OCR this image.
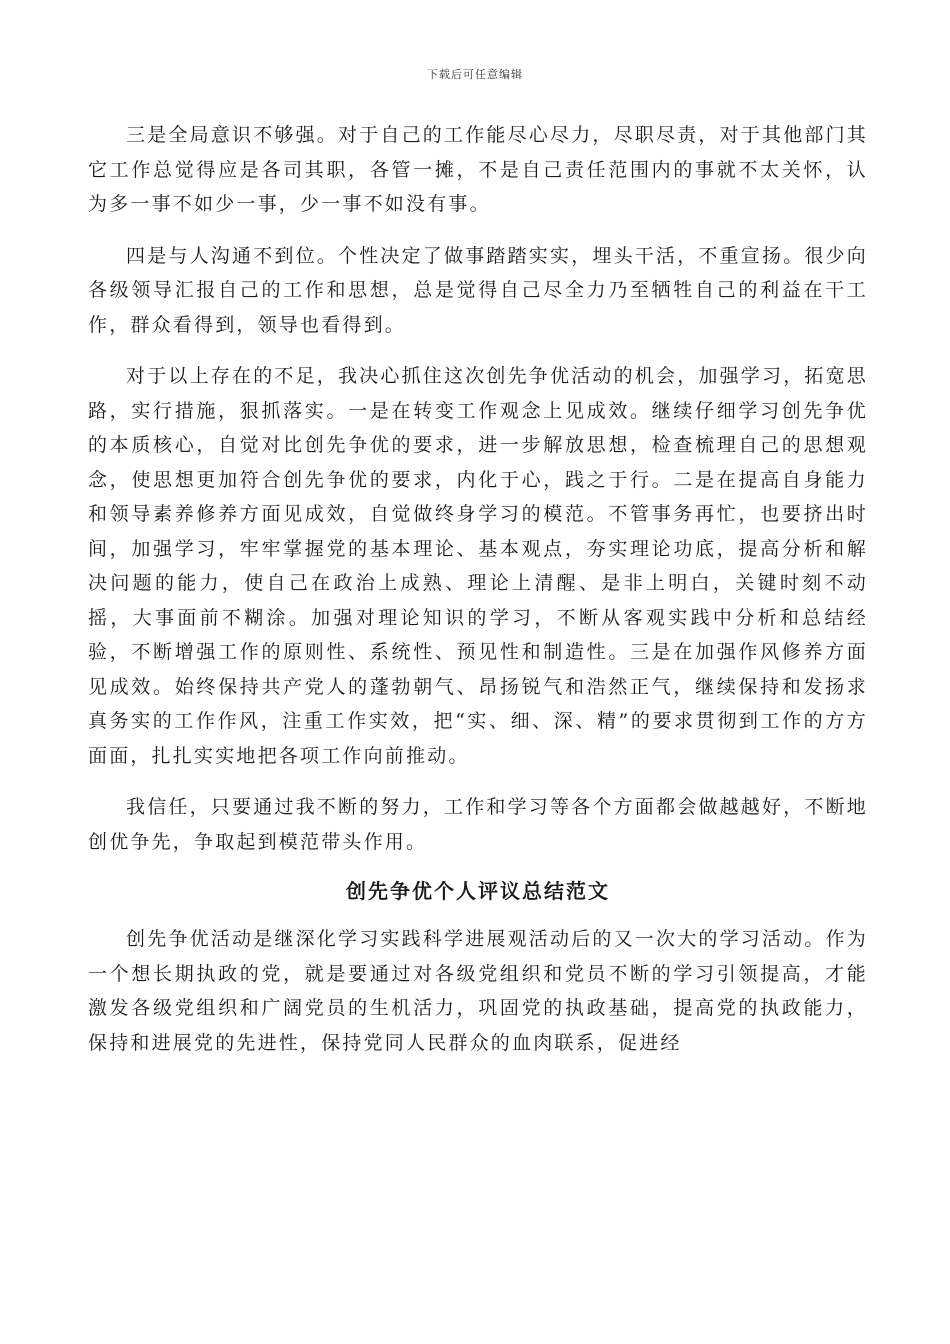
下载后可任意编辑

三是全局意识不够强。对于自己的工作能尽心尽力，尽职尽责，对于其他部门其它工作总觉得应是各司其职，各管一摊，不是自己责任范围内的事就不太关怀，认为多一事不如少一事，少一事不如没有事。

四是与人沟通不到位。个性决定了做事踏踏实实，埋头干活，不重宣扬。很少向各级领导汇报自己的工作和思想，总是觉得自己尽全力乃至牺牲自己的利益在干工作，群众看得到，领导也看得到。

对于以上存在的不足，我决心抓住这次创先争优活动的机会，加强学习，拓宽思路，实行措施，狠抓落实。一是在转变工作观念上见成效。继续仔细学习创先争优的本质核心，自觉对比创先争优的要求，进一步解放思想，检查梳理自己的思想观念，使思想更加符合创先争优的要求，内化于心，践之于行。二是在提高自身能力和领导素养修养方面见成效，自觉做终身学习的模范。不管事务再忙，也要挤出时间，加强学习，牢牢掌握党的基本理论、基本观点，夯实理论功底，提高分析和解决问题的能力，使自己在政治上成熟、理论上清醒、是非上明白，关键时刻不动摇，大事面前不糊涂。加强对理论知识的学习，不断从客观实践中分析和总结经验，不断增强工作的原则性、系统性、预见性和制造性。三是在加强作风修养方面见成效。始终保持共产党人的蓬勃朝气、昂扬锐气和浩然正气，继续保持和发扬求真务实的工作作风，注重工作实效，把“实、细、深、精”的要求贯彻到工作的方方面面，扎扎实实地把各项工作向前推动。

我信任，只要通过我不断的努力，工作和学习等各个方面都会做越越好，不断地创优争先，争取起到模范带头作用。

创先争优个人评议总结范文

创先争优活动是继深化学习实践科学进展观活动后的又一次大的学习活动。作为一个想长期执政的党，就是要通过对各级党组织和党员不断的学习引领提高，才能激发各级党组织和广阔党员的生机活力，巩固党的执政基础，提高党的执政能力，保持和进展党的先进性，保持党同人民群众的血肉联系，促进经
